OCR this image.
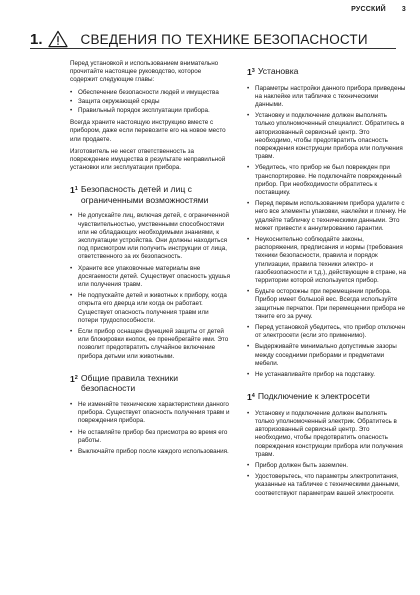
РУССКИЙ 3
1.	СВЕДЕНИЯ ПО ТЕХНИКЕ БЕЗОПАСНОСТИ

Перед установкой и использованием внимательно прочитайте настоящее руководство, которое содержит следующие главы:

• Обеспечение безопасности людей и имущества
• Защита окружающей среды
• Правильный порядок эксплуатации прибора.

Всегда храните настоящую инструкцию вместе с прибором, даже если перевозите его на новое место или продаете.

Изготовитель не несет ответственность за повреждение имущества в результате неправильной установки или эксплуатации прибора.

$1^1$ Безопасность детей и лиц с ограниченными возможностями
• Не допускайте лиц, включая детей, с ограниченной чувствительностью, умственными способностями или не обладающих необходимыми знаниями, к эксплуатации устройства. Они должны находиться под присмотром или получить инструкции от лица, ответственного за их безопасность.
• Храните все упаковочные материалы вне досягаемости детей. Существует опасность удушья или получения травм.
• Не подпускайте детей и животных к прибору, когда открыта его дверца или когда он работает. Существует опасность получения травм или потери трудоспособности.
• Если прибор оснащен функцией защиты от детей или блокировки кнопок, ее пренебрегайте ими. Это позволит предотвратить случайное включение прибора детьми или животными.
$1^2$ Общие правила техники безопасности
• Не изменяйте технические характеристики данного прибора. Существует опасность получения травм и повреждения прибора.
• Не оставляйте прибор без присмотра во время его работы.
• Выключайте прибор после каждого использования.
$1^3$ Установка
• Параметры настройки данного прибора приведены на наклейке или табличке с техническими данными.
• Установку и подключение должен выполнять только уполномоченный специалист. Обратитесь в авторизованный сервисный центр. Это необходимо, чтобы предотвратить опасность повреждения конструкции прибора или получения травм.
• Убедитесь, что прибор не был поврежден при транспортировке. Не подключайте поврежденный прибор. При необходимости обратитесь к поставщику.
• Перед первым использованием прибора удалите с него все элементы упаковки, наклейки и пленку. Не удаляйте табличку с техническими данными. Это может привести к аннулированию гарантии.
• Неукоснительно соблюдайте законы, распоряжения, предписания и нормы (требования техники безопасности, правила и порядок утилизации, правила техники электро- и газобезопасности и т.д.), действующие в стране, на территории которой используется прибор.
• Будьте осторожны при перемещении прибора. Прибор имеет большой вес. Всегда используйте защитные перчатки. При перемещении прибора не тяните его за ручку.
• Перед установкой убедитесь, что прибор отключен от электросети (если это применимо).
• Выдерживайте минимально допустимые зазоры между соседними приборами и предметами мебели.
• Не устанавливайте прибор на подставку.
$1^4$ Подключение к электросети
• Установку и подключение должен выполнять только уполномоченный электрик. Обратитесь в авторизованный сервисный центр. Это необходимо, чтобы предотвратить опасность повреждения конструкции прибора или получения травм.
• Прибор должен быть заземлен.
• Удостоверьтесь, что параметры электропитания, указанные на табличке с техническими данными, соответствуют параметрам вашей электросети.
